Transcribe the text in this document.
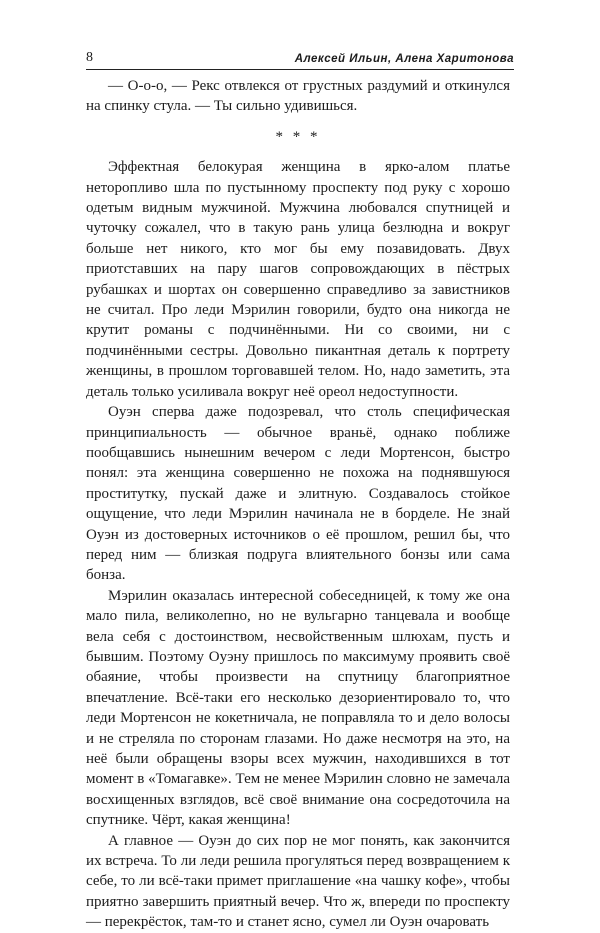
8	Алексей Ильин, Алена Харитонова

— О-о-о, — Рекс отвлекся от грустных раздумий и откинулся на спинку стула. — Ты сильно удивишься.

* * *

Эффектная белокурая женщина в ярко-алом платье неторопливо шла по пустынному проспекту под руку с хорошо одетым видным мужчиной. Мужчина любовался спутницей и чуточку сожалел, что в такую рань улица безлюдна и вокруг больше нет никого, кто мог бы ему позавидовать. Двух приотставших на пару шагов сопровождающих в пёстрых рубашках и шортах он совершенно справедливо за завистников не считал. Про леди Мэрилин говорили, будто она никогда не крутит романы с подчинёнными. Ни со своими, ни с подчинёнными сестры. Довольно пикантная деталь к портрету женщины, в прошлом торговавшей телом. Но, надо заметить, эта деталь только усиливала вокруг неё ореол недоступности.

Оуэн сперва даже подозревал, что столь специфическая принципиальность — обычное враньё, однако поближе пообщавшись нынешним вечером с леди Мортенсон, быстро понял: эта женщина совершенно не похожа на поднявшуюся проститутку, пускай даже и элитную. Создавалось стойкое ощущение, что леди Мэрилин начинала не в борделе. Не знай Оуэн из достоверных источников о её прошлом, решил бы, что перед ним — близкая подруга влиятельного бонзы или сама бонза.

Мэрилин оказалась интересной собеседницей, к тому же она мало пила, великолепно, но не вульгарно танцевала и вообще вела себя с достоинством, несвойственным шлюхам, пусть и бывшим. Поэтому Оуэну пришлось по максимуму проявить своё обаяние, чтобы произвести на спутницу благоприятное впечатление. Всё-таки его несколько дезориентировало то, что леди Мортенсон не кокетничала, не поправляла то и дело волосы и не стреляла по сторонам глазами. Но даже несмотря на это, на неё были обращены взоры всех мужчин, находившихся в тот момент в «Томагавке». Тем не менее Мэрилин словно не замечала восхищенных взглядов, всё своё внимание она сосредоточила на спутнике. Чёрт, какая женщина!

А главное — Оуэн до сих пор не мог понять, как закончится их встреча. То ли леди решила прогуляться перед возвращением к себе, то ли всё-таки примет приглашение «на чашку кофе», чтобы приятно завершить приятный вечер. Что ж, впереди по проспекту — перекрёсток, там-то и станет ясно, сумел ли Оуэн очаровать
